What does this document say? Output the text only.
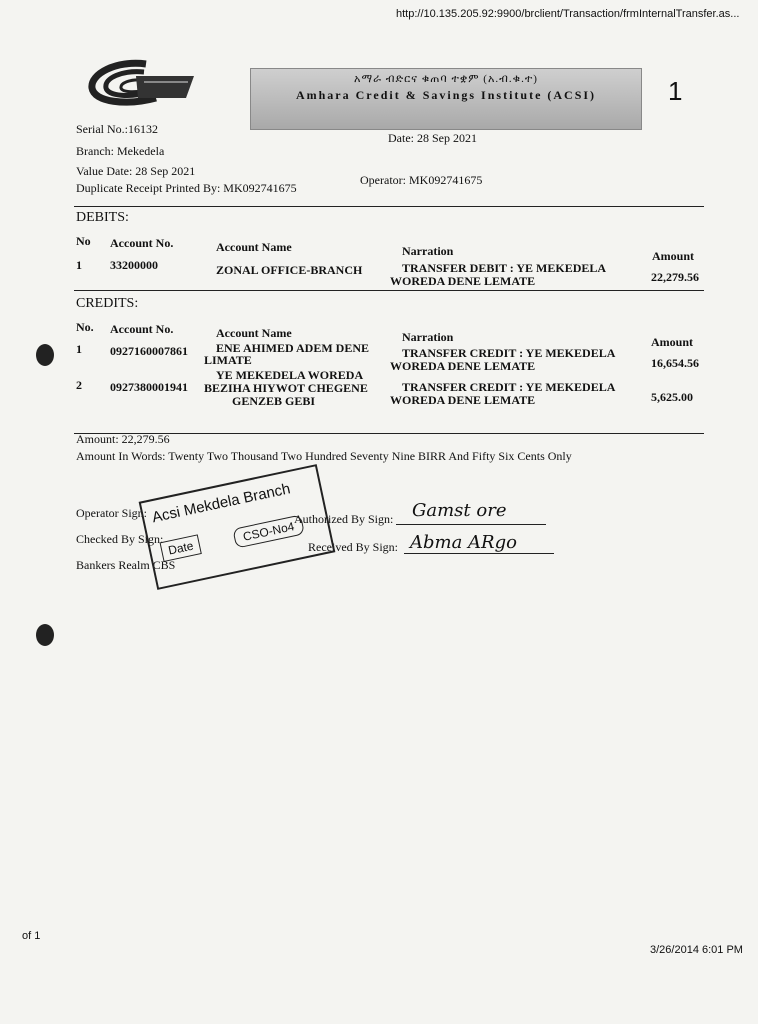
http://10.135.205.92:9900/brclient/Transaction/frmInternalTransfer.as...
አማራ ብድርና ቁጠባ ተቋም (አ.ብ.ቁ.ተ)
Amhara Credit & Savings Institute (ACSI)	1
Serial No.:16132
Date: 28 Sep 2021
Branch: Mekedela
Value Date: 28 Sep 2021
Operator: MK092741675
Duplicate Receipt Printed By: MK092741675
DEBITS:
No Account No.	Account Name	Narration	Amount
1 33200000	ZONAL OFFICE-BRANCH	TRANSFER DEBIT : YE MEKEDELA
WOREDA DENE LEMATE	22,279.56
CREDITS:
No. Account No.	Account Name	Narration	Amount
1 0927160007861 ENE AHIMED ADEM DENE
LIMATE	TRANSFER CREDIT : YE MEKEDELA
WOREDA DENE LEMATE	16,654.56
YE MEKEDELA WOREDA
2 0927380001941 BEZIHA HIYWOT CHEGENE
GENZEB GEBI
TRANSFER CREDIT : YE MEKEDELA
WOREDA DENE LEMATE	5,625.00
Amount: 22,279.56
Amount In Words: Twenty Two Thousand Two Hundred Seventy Nine BIRR And Fifty Six Cents Only
Operator Sign:
Checked By Sign:
Bankers Realm CBS
Authorized By Sign:
Received By Sign:
Gamst ore
Abma ARgo
Acsi Mekdela Branch
Date
CSO-No4
of 1
3/26/2014 6:01 PM
